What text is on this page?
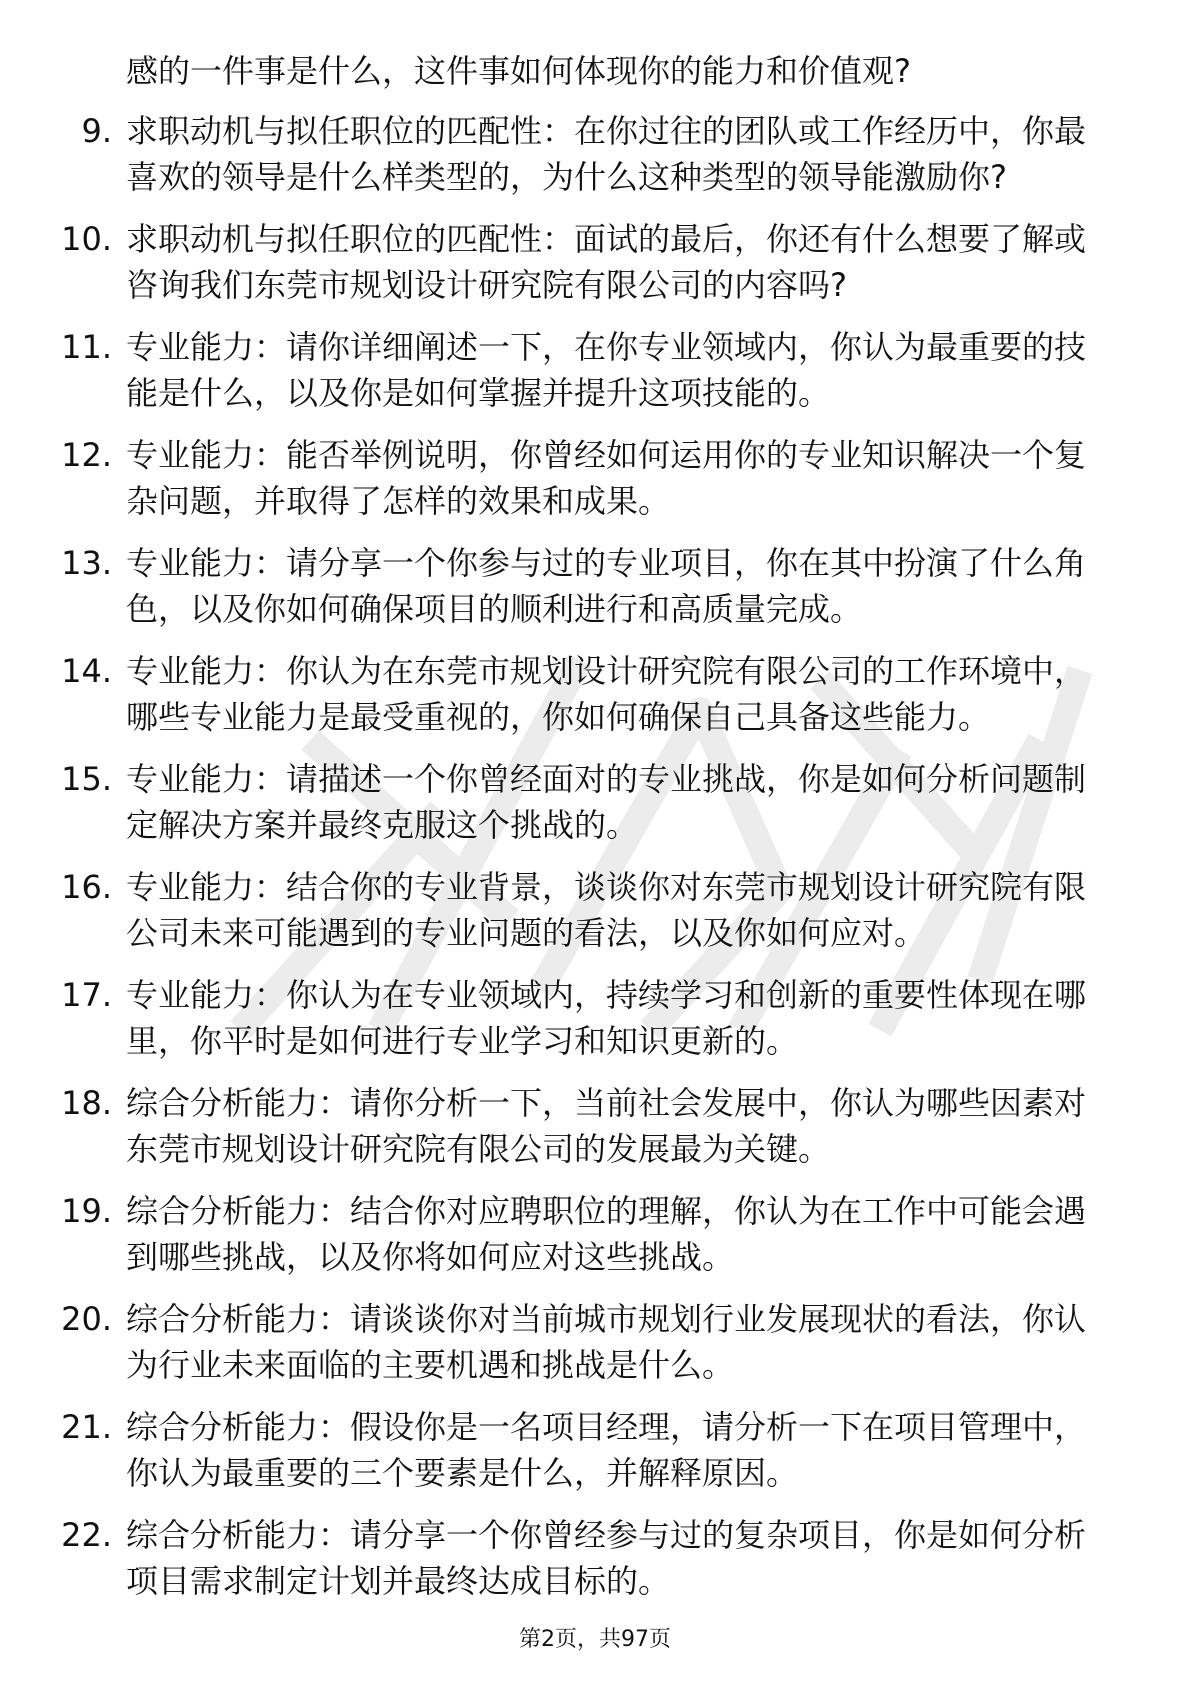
感的一件事是什么，这件事如何体现你的能力和价值观?
9. 求职动机与拟任职位的匹配性：在你过往的团队或工作经历中，你最喜欢的领导是什么样类型的，为什么这种类型的领导能激励你?
10. 求职动机与拟任职位的匹配性：面试的最后，你还有什么想要了解或咨询我们东莞市规划设计研究院有限公司的内容吗?
11. 专业能力：请你详细阐述一下，在你专业领域内，你认为最重要的技能是什么，以及你是如何掌握并提升这项技能的。
12. 专业能力：能否举例说明，你曾经如何运用你的专业知识解决一个复杂问题，并取得了怎样的效果和成果。
13. 专业能力：请分享一个你参与过的专业项目，你在其中扮演了什么角色，以及你如何确保项目的顺利进行和高质量完成。
14. 专业能力：你认为在东莞市规划设计研究院有限公司的工作环境中，哪些专业能力是最受重视的，你如何确保自己具备这些能力。
15. 专业能力：请描述一个你曾经面对的专业挑战，你是如何分析问题制定解决方案并最终克服这个挑战的。
16. 专业能力：结合你的专业背景，谈谈你对东莞市规划设计研究院有限公司未来可能遇到的专业问题的看法，以及你如何应对。
17. 专业能力：你认为在专业领域内，持续学习和创新的重要性体现在哪里，你平时是如何进行专业学习和知识更新的。
18. 综合分析能力：请你分析一下，当前社会发展中，你认为哪些因素对东莞市规划设计研究院有限公司的发展最为关键。
19. 综合分析能力：结合你对应聘职位的理解，你认为在工作中可能会遇到哪些挑战，以及你将如何应对这些挑战。
20. 综合分析能力：请谈谈你对当前城市规划行业发展现状的看法，你认为行业未来面临的主要机遇和挑战是什么。
21. 综合分析能力：假设你是一名项目经理，请分析一下在项目管理中，你认为最重要的三个要素是什么，并解释原因。
22. 综合分析能力：请分享一个你曾经参与过的复杂项目，你是如何分析项目需求制定计划并最终达成目标的。
第2页，共97页
